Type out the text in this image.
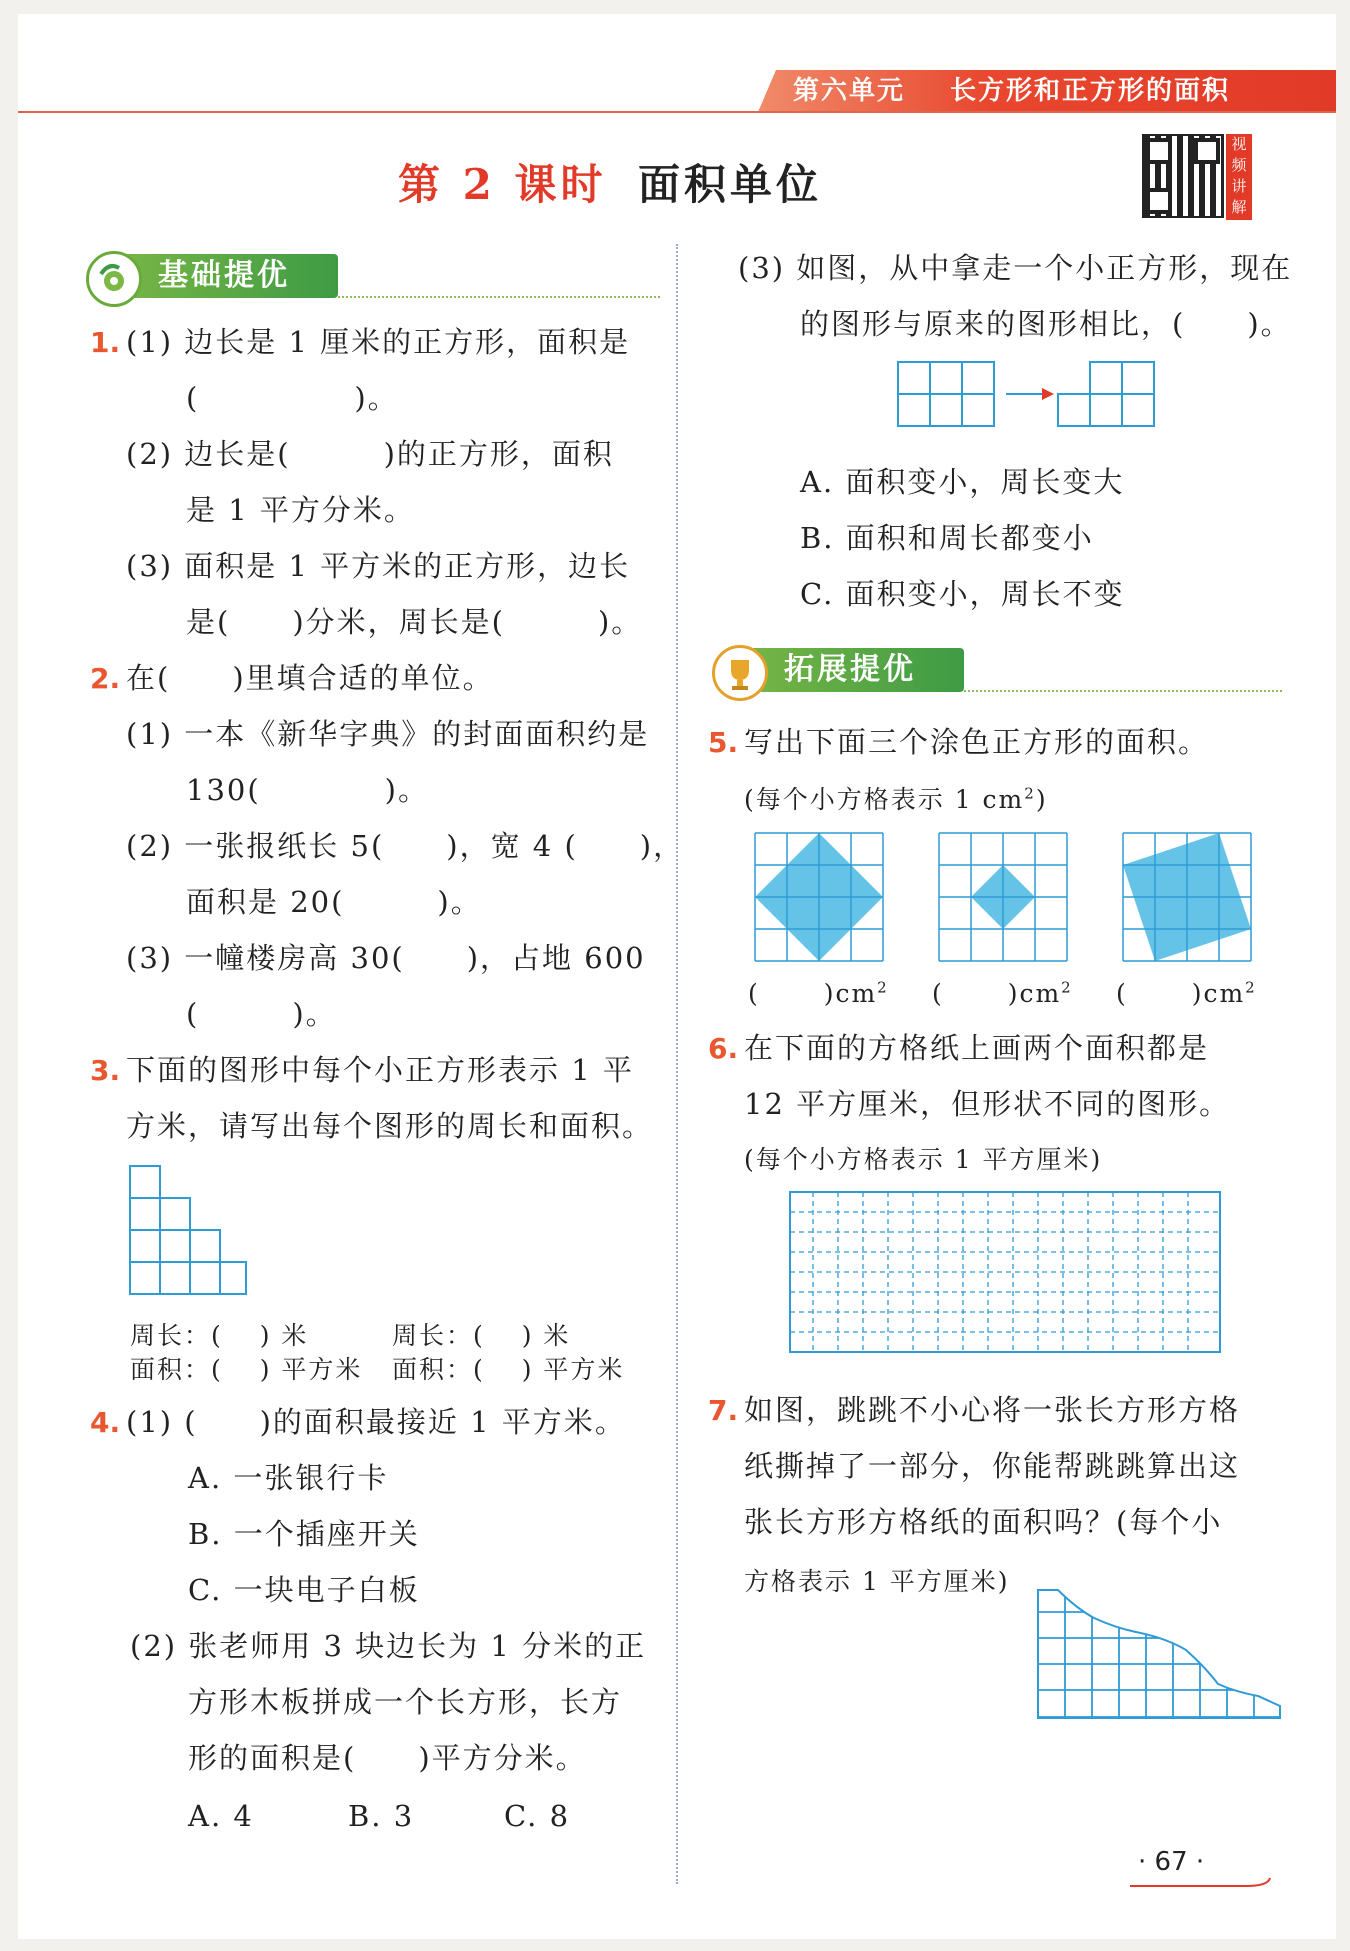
第六单元 长方形和正方形的面积
第 2 课时 面积单位
视频讲解
基础提优
1. (1) 边长是 1 厘米的正方形，面积是
(　　　　　)。
(2) 边长是(　　　)的正方形，面积
是 1 平方分米。
(3) 面积是 1 平方米的正方形，边长
是(　　)分米，周长是(　　　)。
2. 在(　　)里填合适的单位。
(1) 一本《新华字典》的封面面积约是
130(　　　　)。
(2) 一张报纸长 5(　　)，宽 4 (　　)，
面积是 20(　　　)。
(3) 一幢楼房高 30(　　)，占地 600
(　　　)。
3. 下面的图形中每个小正方形表示 1 平
方米，请写出每个图形的周长和面积。
周长：(　 ) 米
面积：(　 ) 平方米
周长：(　 ) 米
面积：(　 ) 平方米
4. (1) (　　)的面积最接近 1 平方米。
A. 一张银行卡
B. 一个插座开关
C. 一块电子白板
(2) 张老师用 3 块边长为 1 分米的正
方形木板拼成一个长方形，长方
形的面积是(　　)平方分米。
A. 4	B. 3	C. 8
(3) 如图，从中拿走一个小正方形，现在
的图形与原来的图形相比，(　　)。
A. 面积变小，周长变大
B. 面积和周长都变小
C. 面积变小，周长不变
拓展提优
5. 写出下面三个涂色正方形的面积。
(每个小方格表示 1 $cm^2$)
(　　 )$cm^2$ (　　 )$cm^2$ (　　 )$cm^2$
6. 在下面的方格纸上画两个面积都是
12 平方厘米，但形状不同的图形。
(每个小方格表示 1 平方厘米)
7. 如图，跳跳不小心将一张长方形方格
纸撕掉了一部分，你能帮跳跳算出这
张长方形方格纸的面积吗？(每个小
方格表示 1 平方厘米)
· 67 ·
